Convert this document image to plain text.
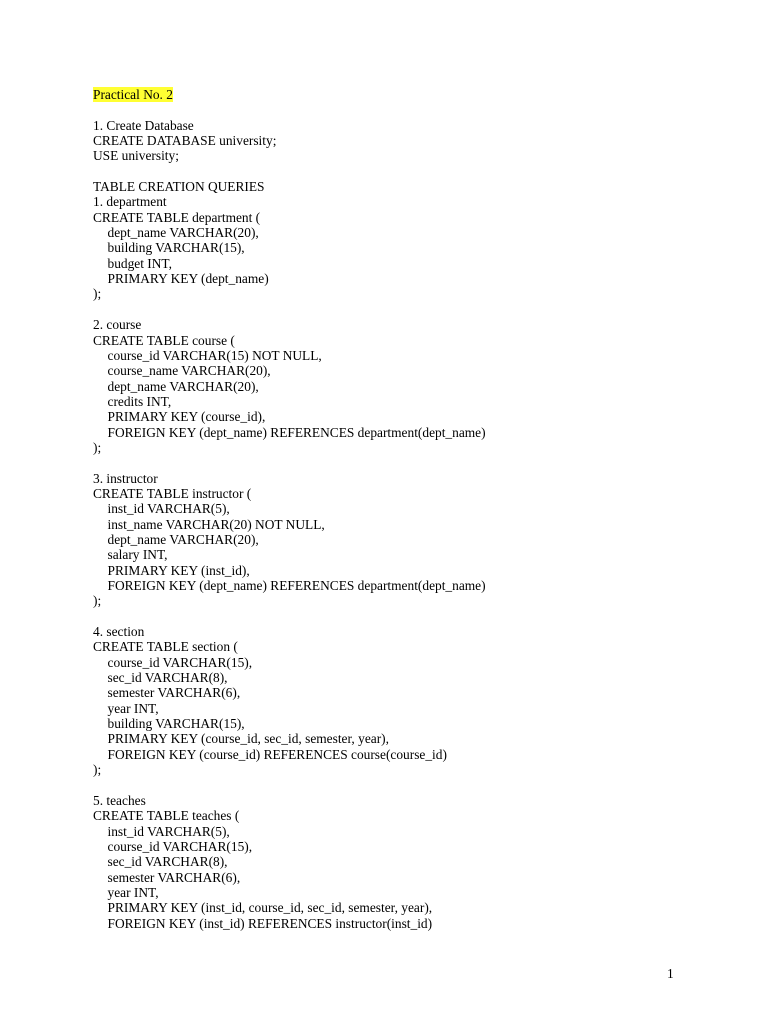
Practical No. 2
1. Create Database
CREATE DATABASE university;
USE university;
TABLE CREATION QUERIES
1. department
CREATE TABLE department (
dept_name VARCHAR(20),
building VARCHAR(15),
budget INT,
PRIMARY KEY (dept_name)
);
2. course
CREATE TABLE course (
course_id VARCHAR(15) NOT NULL,
course_name VARCHAR(20),
dept_name VARCHAR(20),
credits INT,
PRIMARY KEY (course_id),
FOREIGN KEY (dept_name) REFERENCES department(dept_name)
);
3. instructor
CREATE TABLE instructor (
inst_id VARCHAR(5),
inst_name VARCHAR(20) NOT NULL,
dept_name VARCHAR(20),
salary INT,
PRIMARY KEY (inst_id),
FOREIGN KEY (dept_name) REFERENCES department(dept_name)
);
4. section
CREATE TABLE section (
course_id VARCHAR(15),
sec_id VARCHAR(8),
semester VARCHAR(6),
year INT,
building VARCHAR(15),
PRIMARY KEY (course_id, sec_id, semester, year),
FOREIGN KEY (course_id) REFERENCES course(course_id)
);
5. teaches
CREATE TABLE teaches (
inst_id VARCHAR(5),
course_id VARCHAR(15),
sec_id VARCHAR(8),
semester VARCHAR(6),
year INT,
PRIMARY KEY (inst_id, course_id, sec_id, semester, year),
FOREIGN KEY (inst_id) REFERENCES instructor(inst_id)
1
